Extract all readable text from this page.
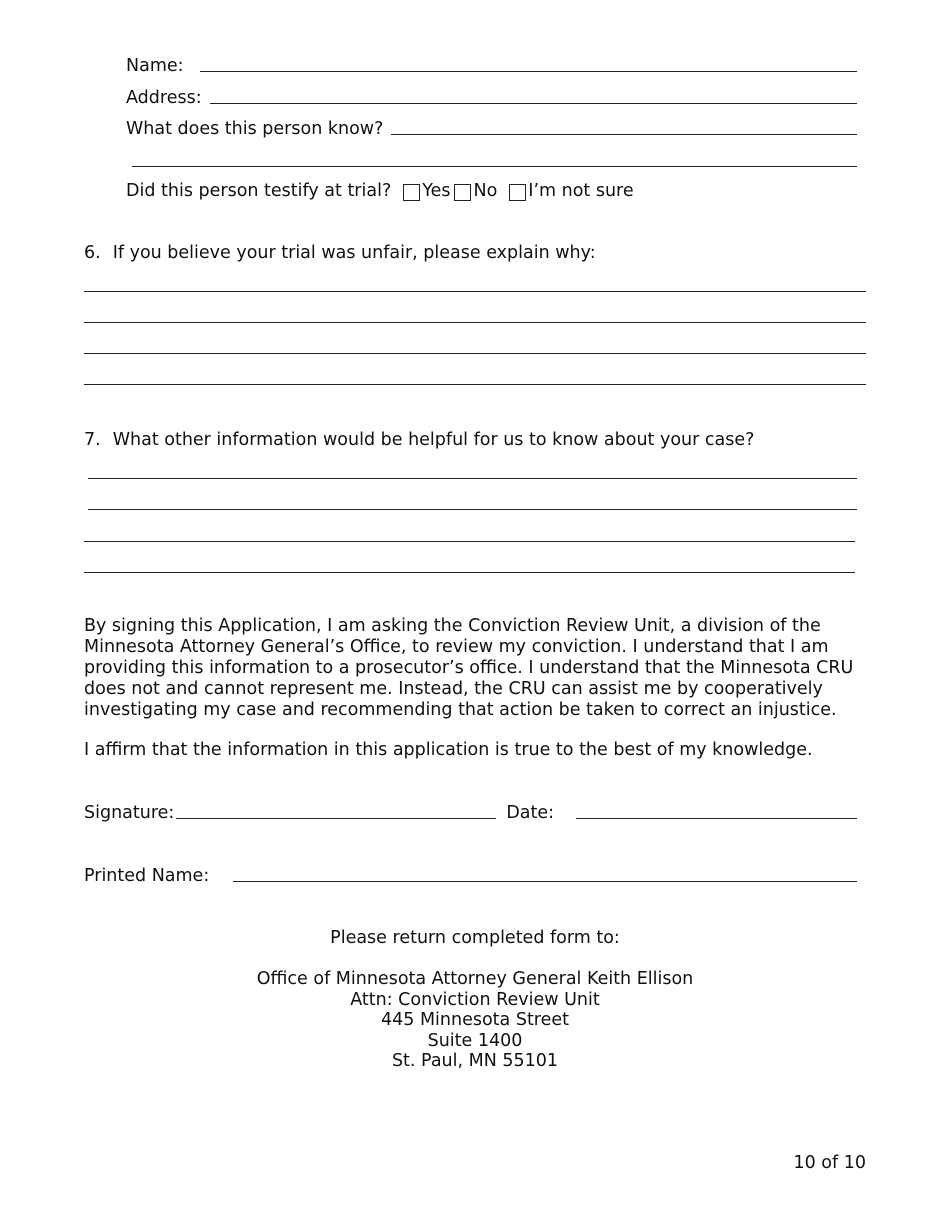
Name:
Address:
What does this person know?
Did this person testify at trial? Yes No I’m not sure
6. If you believe your trial was unfair, please explain why:
7. What other information would be helpful for us to know about your case?
By signing this Application, I am asking the Conviction Review Unit, a division of the Minnesota Attorney General’s Office, to review my conviction. I understand that I am providing this information to a prosecutor’s office. I understand that the Minnesota CRU does not and cannot represent me. Instead, the CRU can assist me by cooperatively investigating my case and recommending that action be taken to correct an injustice.
I affirm that the information in this application is true to the best of my knowledge.
Signature:	Date:
Printed Name:
Please return completed form to:
Office of Minnesota Attorney General Keith Ellison
Attn: Conviction Review Unit
445 Minnesota Street
Suite 1400
St. Paul, MN 55101
10 of 10
